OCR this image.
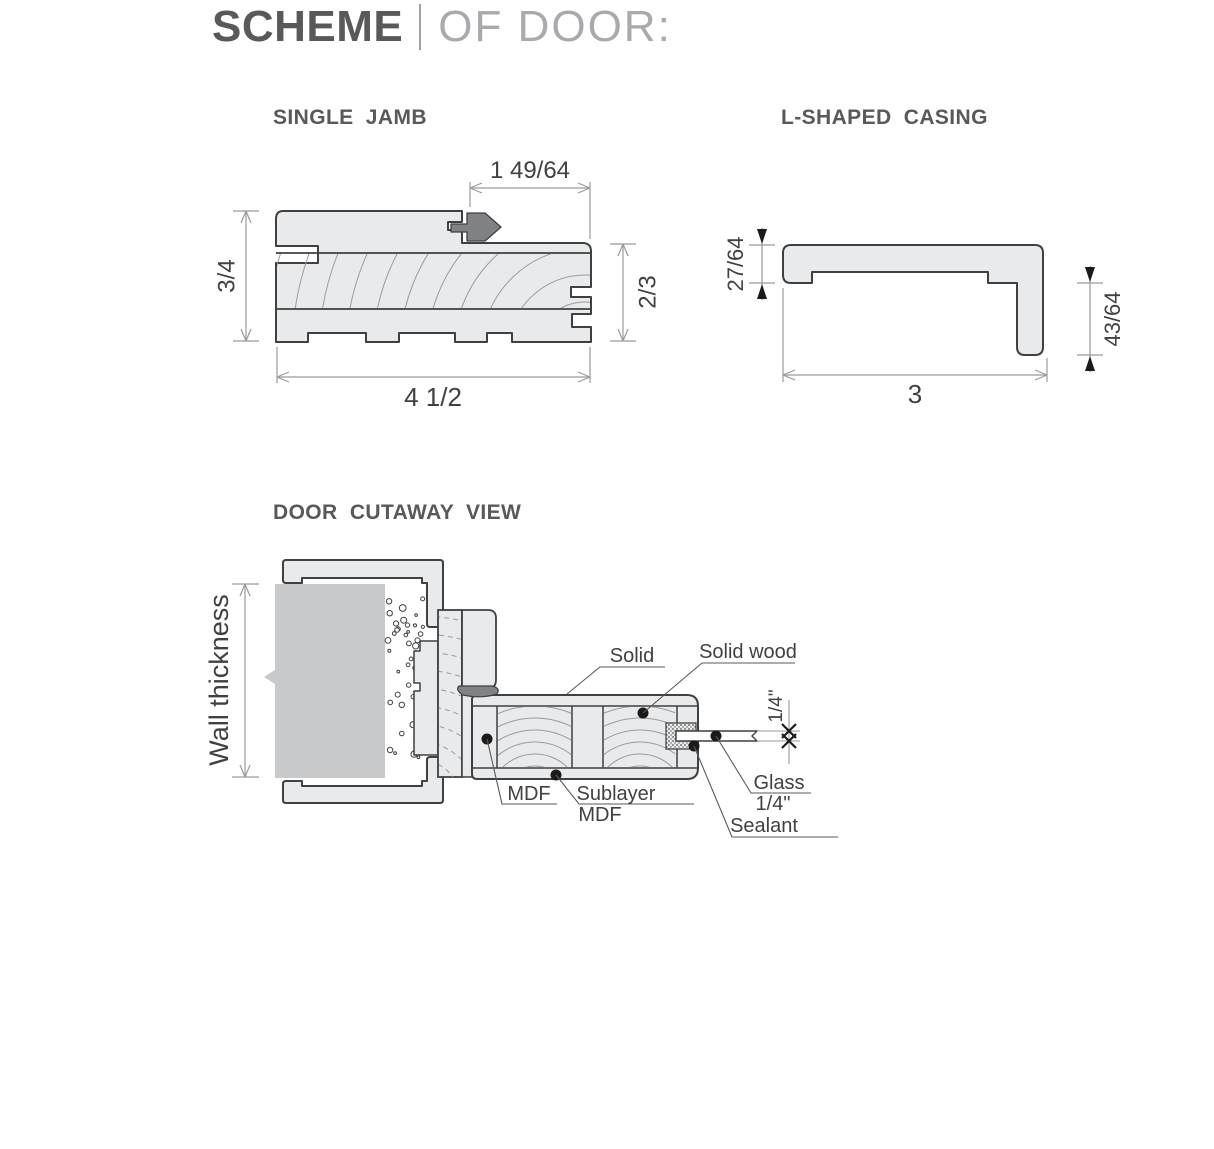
SCHEME OF DOOR:
SINGLE JAMB	L-SHAPED CASING
DOOR CUTAWAY VIEW
1 49/64
3/4	2/3
4 1/2
27/64
43/64
3
1/4"
Wall thickness	Solid Solid wood
MDF Sublayer
MDF
Glass
1/4"
Sealant
